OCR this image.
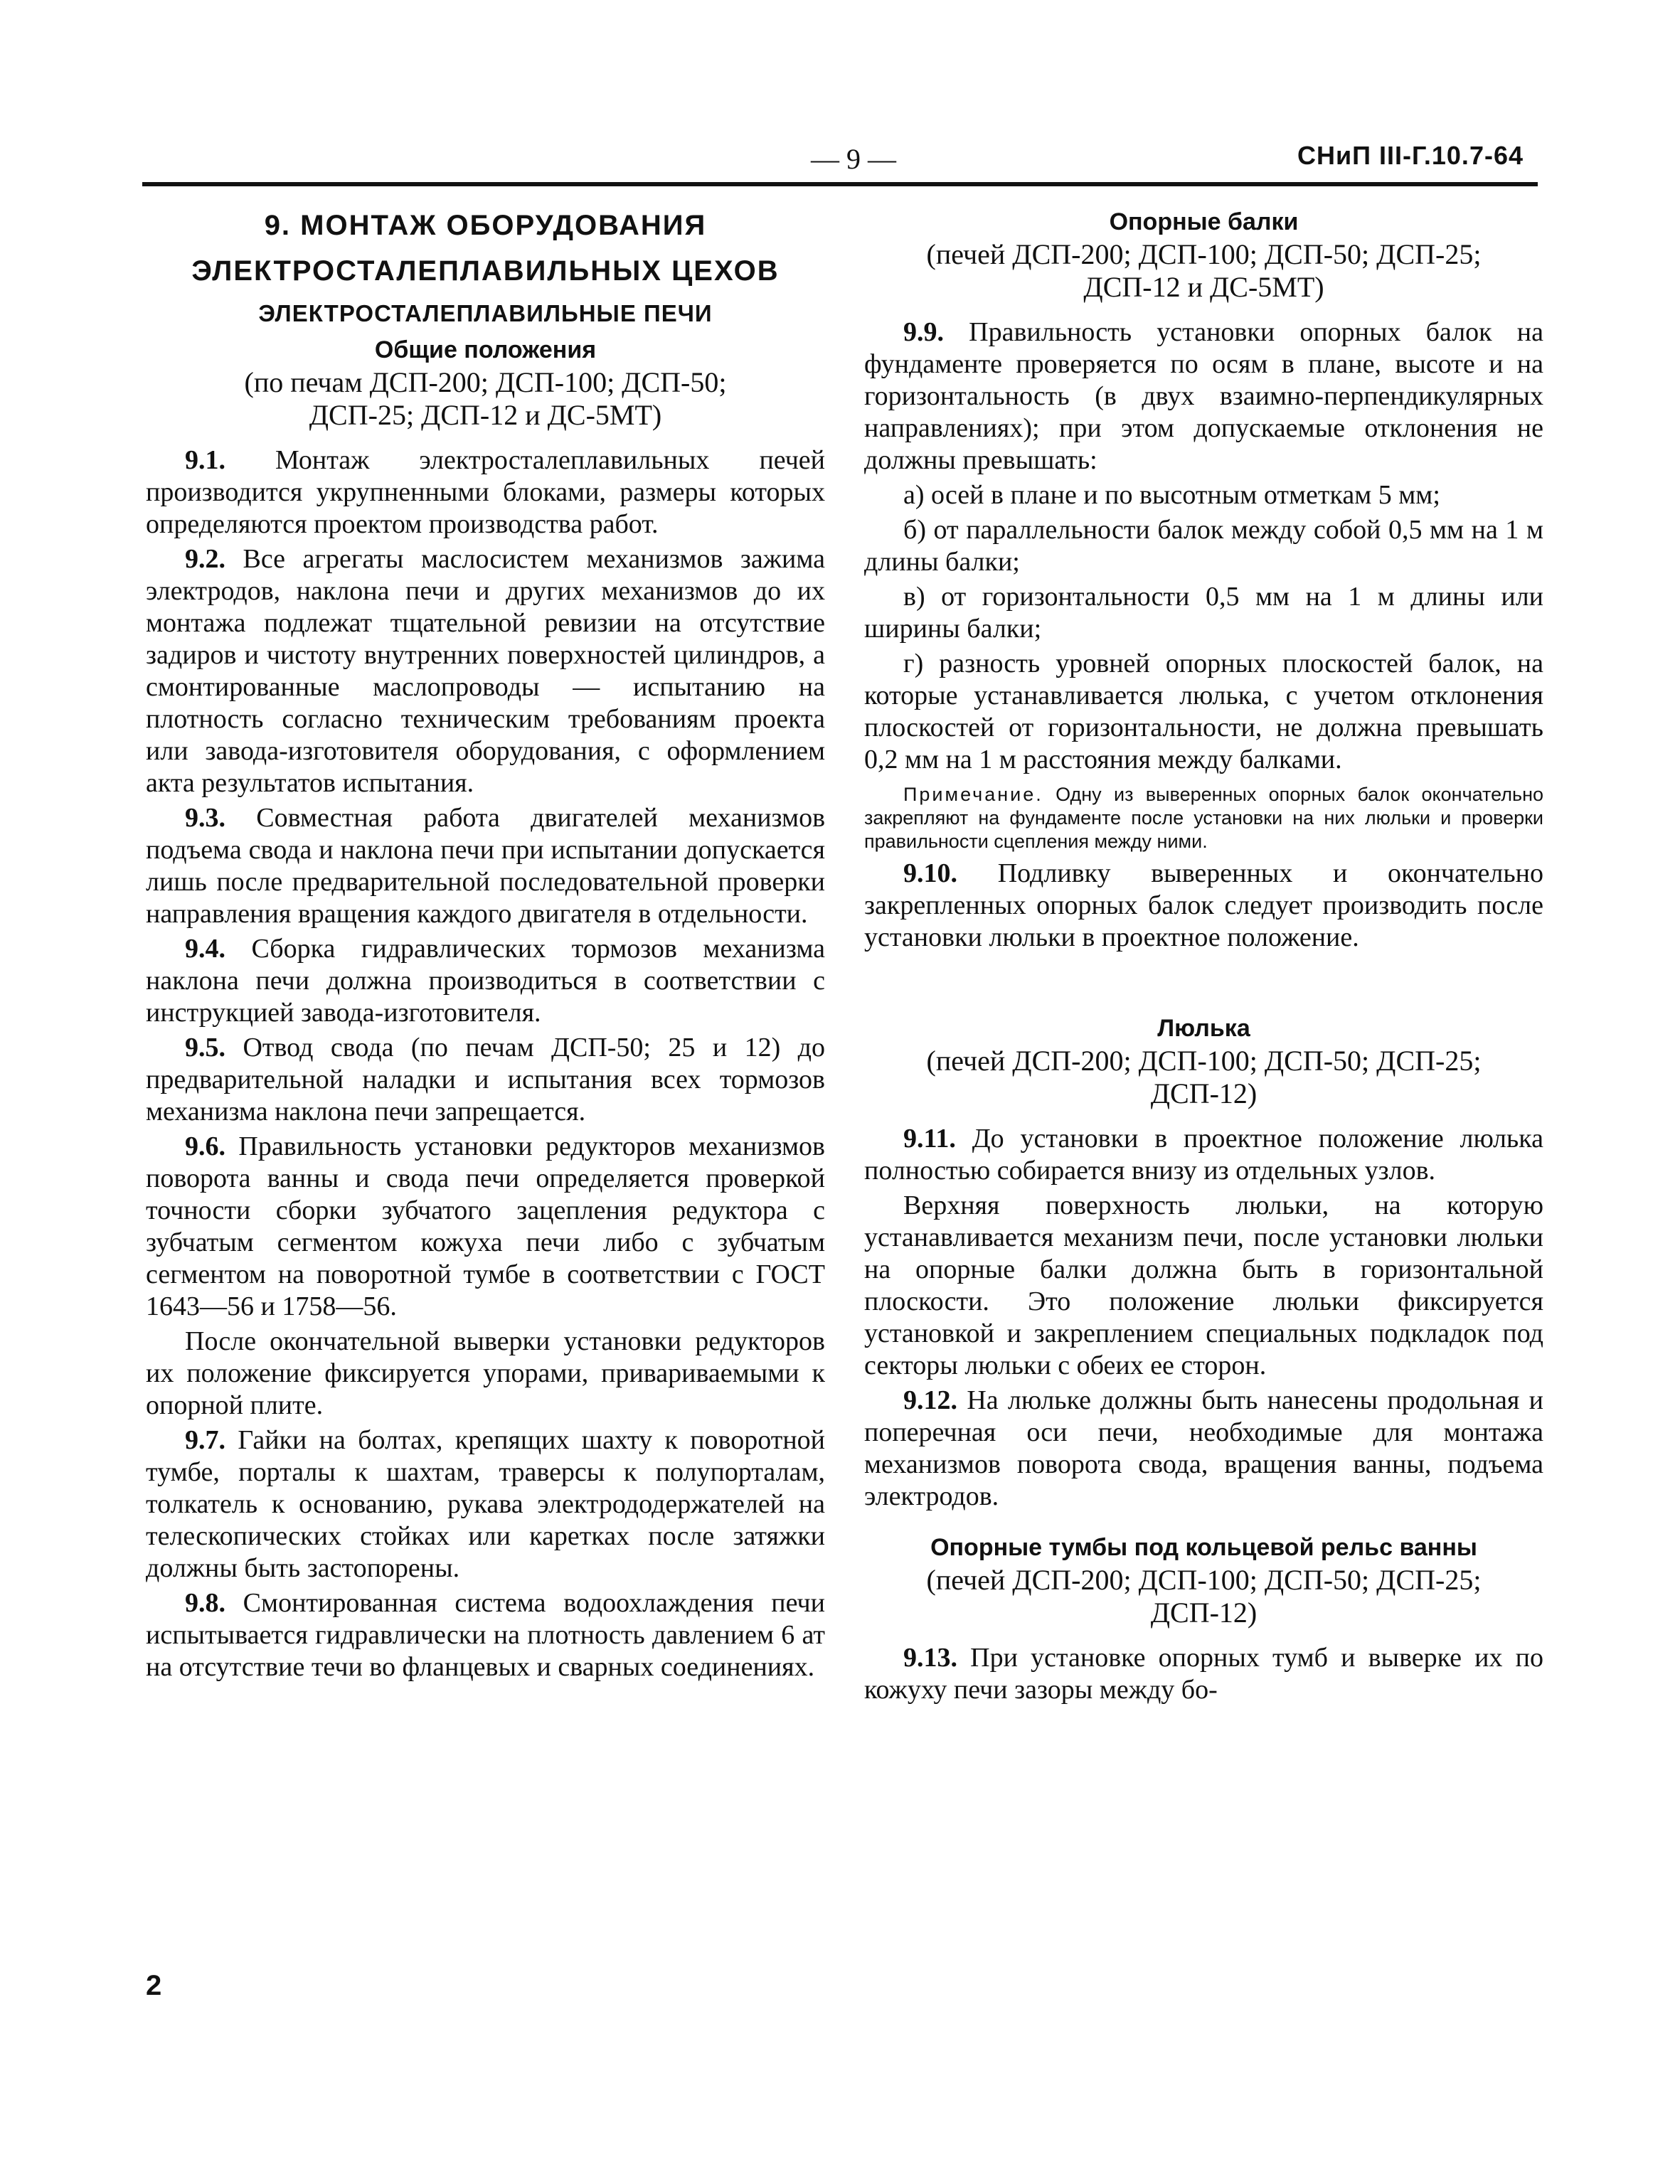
— 9 —	СНиП III-Г.10.7-64
9. МОНТАЖ ОБОРУДОВАНИЯ
ЭЛЕКТРОСТАЛЕПЛАВИЛЬНЫХ ЦЕХОВ
ЭЛЕКТРОСТАЛЕПЛАВИЛЬНЫЕ ПЕЧИ
Общие положения
(по печам ДСП-200; ДСП-100; ДСП-50;
ДСП-25; ДСП-12 и ДС-5МТ)

9.1. Монтаж электросталеплавильных печей производится укрупненными блоками, размеры которых определяются проектом производства работ.

9.2. Все агрегаты маслосистем механизмов зажима электродов, наклона печи и других механизмов до их монтажа подлежат тщательной ревизии на отсутствие задиров и чистоту внутренних поверхностей цилиндров, а смонтированные маслопроводы — испытанию на плотность согласно техническим требованиям проекта или завода-изготовителя оборудования, с оформлением акта результатов испытания.

9.3. Совместная работа двигателей механизмов подъема свода и наклона печи при испытании допускается лишь после предварительной последовательной проверки направления вращения каждого двигателя в отдельности.

9.4. Сборка гидравлических тормозов механизма наклона печи должна производиться в соответствии с инструкцией завода-изготовителя.

9.5. Отвод свода (по печам ДСП-50; 25 и 12) до предварительной наладки и испытания всех тормозов механизма наклона печи запрещается.

9.6. Правильность установки редукторов механизмов поворота ванны и свода печи определяется проверкой точности сборки зубчатого зацепления редуктора с зубчатым сегментом кожуха печи либо с зубчатым сегментом на поворотной тумбе в соответствии с ГОСТ 1643—56 и 1758—56.

После окончательной выверки установки редукторов их положение фиксируется упорами, привариваемыми к опорной плите.

9.7. Гайки на болтах, крепящих шахту к поворотной тумбе, порталы к шахтам, траверсы к полупорталам, толкатель к основанию, рукава электрододержателей на телескопических стойках или каретках после затяжки должны быть застопорены.

9.8. Смонтированная система водоохлаждения печи испытывается гидравлически на плотность давлением 6 ат на отсутствие течи во фланцевых и сварных соединениях.

Опорные балки
(печей ДСП-200; ДСП-100; ДСП-50; ДСП-25;
ДСП-12 и ДС-5МТ)

9.9. Правильность установки опорных балок на фундаменте проверяется по осям в плане, высоте и на горизонтальность (в двух взаимно-перпендикулярных направлениях); при этом допускаемые отклонения не должны превышать:

а) осей в плане и по высотным отметкам 5 мм;

б) от параллельности балок между собой 0,5 мм на 1 м длины балки;

в) от горизонтальности 0,5 мм на 1 м длины или ширины балки;

г) разность уровней опорных плоскостей балок, на которые устанавливается люлька, с учетом отклонения плоскостей от горизонтальности, не должна превышать 0,2 мм на 1 м расстояния между балками.

Примечание. Одну из выверенных опорных балок окончательно закрепляют на фундаменте после установки на них люльки и проверки правильности сцепления между ними.

9.10. Подливку выверенных и окончательно закрепленных опорных балок следует производить после установки люльки в проектное положение.

Люлька
(печей ДСП-200; ДСП-100; ДСП-50; ДСП-25;
ДСП-12)

9.11. До установки в проектное положение люлька полностью собирается внизу из отдельных узлов.

Верхняя поверхность люльки, на которую устанавливается механизм печи, после установки люльки на опорные балки должна быть в горизонтальной плоскости. Это положение люльки фиксируется установкой и закреплением специальных подкладок под секторы люльки с обеих ее сторон.

9.12. На люльке должны быть нанесены продольная и поперечная оси печи, необходимые для монтажа механизмов поворота свода, вращения ванны, подъема электродов.

Опорные тумбы под кольцевой рельс ванны
(печей ДСП-200; ДСП-100; ДСП-50; ДСП-25;
ДСП-12)

9.13. При установке опорных тумб и выверке их по кожуху печи зазоры между бо-

2
